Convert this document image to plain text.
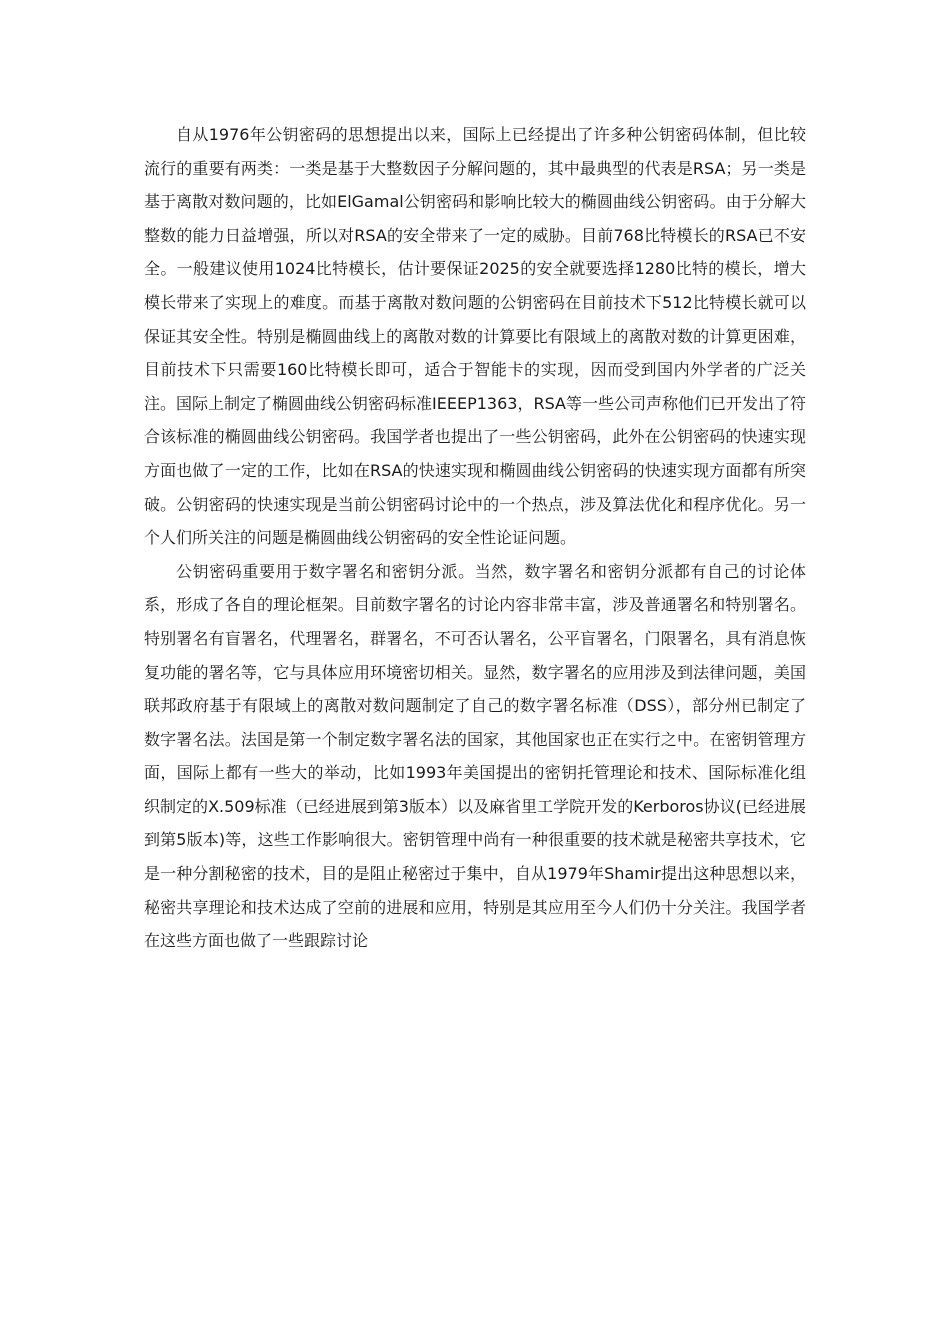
自从1976年公钥密码的思想提出以来，国际上已经提出了许多种公钥密码体制，但比较流行的重要有两类：一类是基于大整数因子分解问题的，其中最典型的代表是RSA；另一类是基于离散对数问题的，比如ElGamal公钥密码和影响比较大的椭圆曲线公钥密码。由于分解大整数的能力日益增强，所以对RSA的安全带来了一定的威胁。目前768比特模长的RSA已不安全。一般建议使用1024比特模长，估计要保证2025的安全就要选择1280比特的模长，增大模长带来了实现上的难度。而基于离散对数问题的公钥密码在目前技术下512比特模长就可以保证其安全性。特别是椭圆曲线上的离散对数的计算要比有限域上的离散对数的计算更困难，目前技术下只需要160比特模长即可，适合于智能卡的实现，因而受到国内外学者的广泛关注。国际上制定了椭圆曲线公钥密码标准IEEEP1363，RSA等一些公司声称他们已开发出了符合该标准的椭圆曲线公钥密码。我国学者也提出了一些公钥密码，此外在公钥密码的快速实现方面也做了一定的工作，比如在RSA的快速实现和椭圆曲线公钥密码的快速实现方面都有所突破。公钥密码的快速实现是当前公钥密码讨论中的一个热点，涉及算法优化和程序优化。另一个人们所关注的问题是椭圆曲线公钥密码的安全性论证问题。

公钥密码重要用于数字署名和密钥分派。当然，数字署名和密钥分派都有自己的讨论体系，形成了各自的理论框架。目前数字署名的讨论内容非常丰富，涉及普通署名和特别署名。特别署名有盲署名，代理署名，群署名，不可否认署名，公平盲署名，门限署名，具有消息恢复功能的署名等，它与具体应用环境密切相关。显然，数字署名的应用涉及到法律问题，美国联邦政府基于有限域上的离散对数问题制定了自己的数字署名标准（DSS），部分州已制定了数字署名法。法国是第一个制定数字署名法的国家，其他国家也正在实行之中。在密钥管理方面，国际上都有一些大的举动，比如1993年美国提出的密钥托管理论和技术、国际标准化组织制定的X.509标准（已经进展到第3版本）以及麻省里工学院开发的Kerboros协议(已经进展到第5版本)等，这些工作影响很大。密钥管理中尚有一种很重要的技术就是秘密共享技术，它是一种分割秘密的技术，目的是阻止秘密过于集中，自从1979年Shamir提出这种思想以来，秘密共享理论和技术达成了空前的进展和应用，特别是其应用至今人们仍十分关注。我国学者在这些方面也做了一些跟踪讨论
